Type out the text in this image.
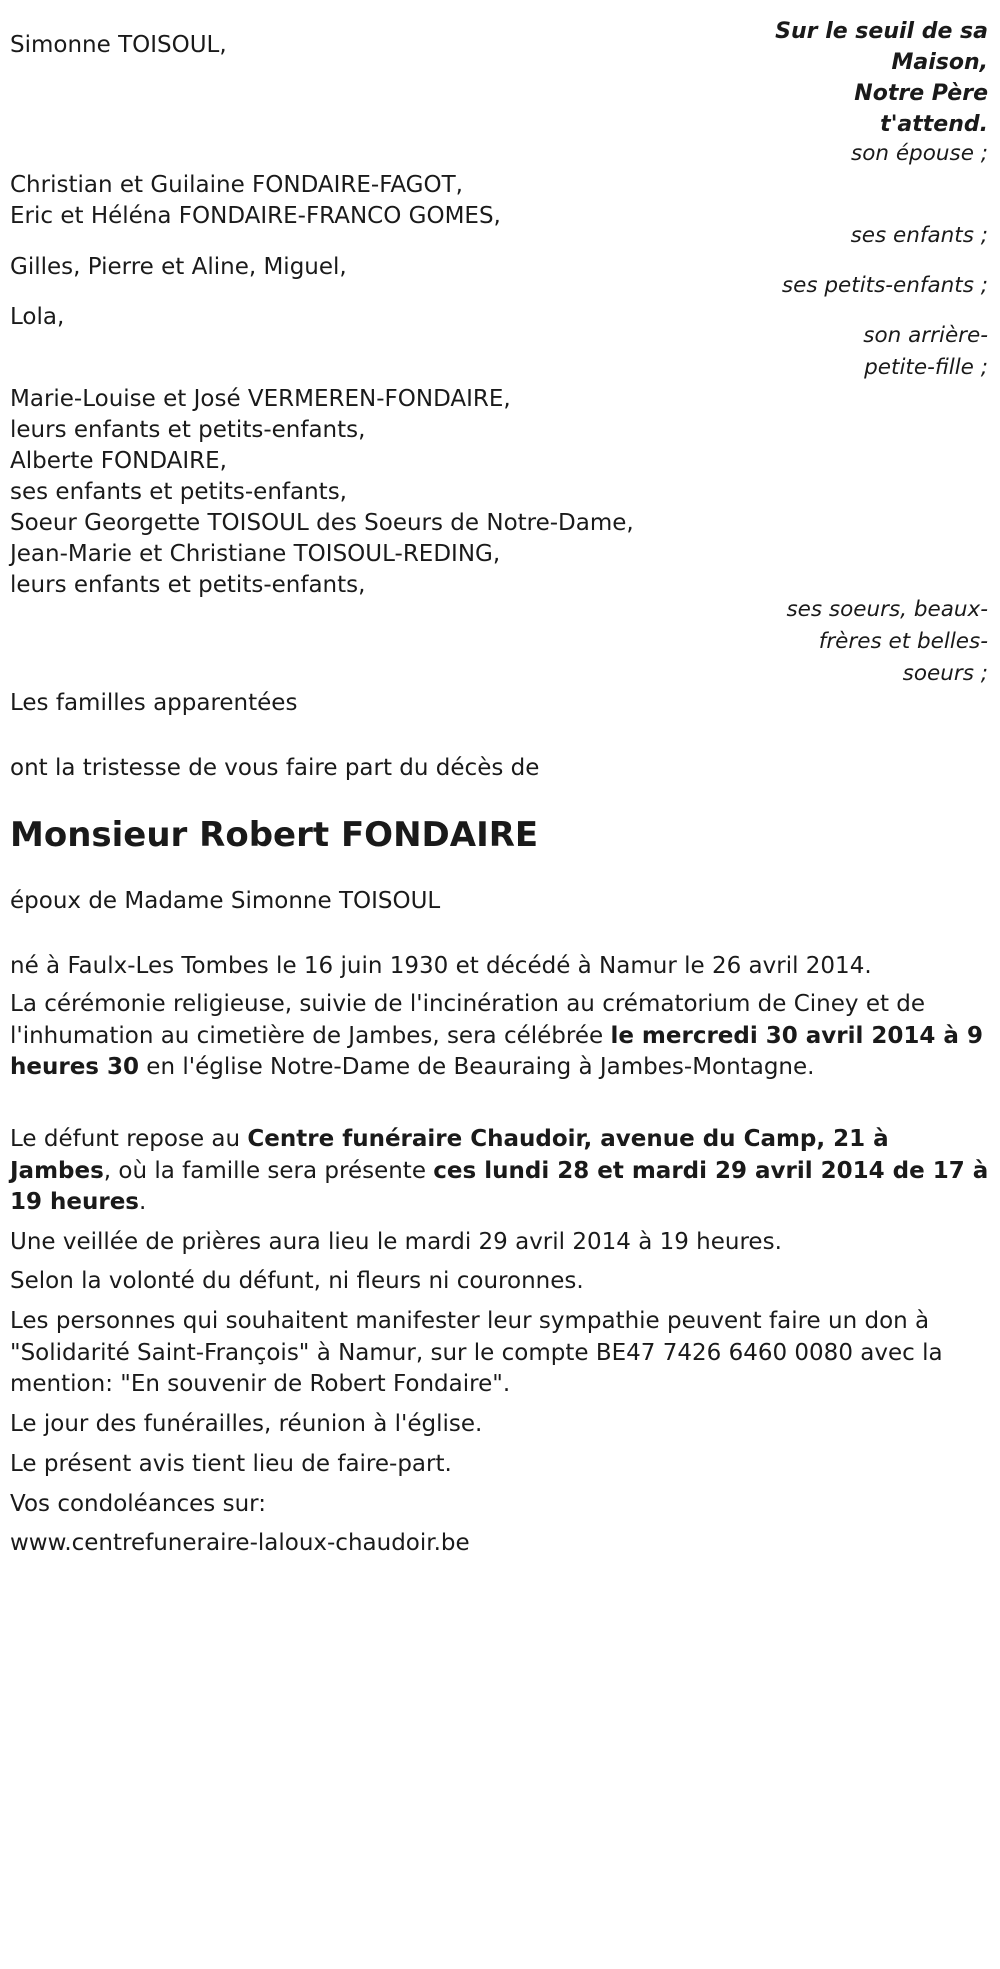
Sur le seuil de sa
Maison,
Notre Père
t'attend.
Simonne TOISOUL,
son épouse ;
Christian et Guilaine FONDAIRE-FAGOT,
Eric et Héléna FONDAIRE-FRANCO GOMES,
ses enfants ;
Gilles, Pierre et Aline, Miguel,
ses petits-enfants ;
Lola,
son arrière-
petite-fille ;
Marie-Louise et José VERMEREN-FONDAIRE,
leurs enfants et petits-enfants,
Alberte FONDAIRE,
ses enfants et petits-enfants,
Soeur Georgette TOISOUL des Soeurs de Notre-Dame,
Jean-Marie et Christiane TOISOUL-REDING,
leurs enfants et petits-enfants,
ses soeurs, beaux-
frères et belles-
soeurs ;
Les familles apparentées
ont la tristesse de vous faire part du décès de
Monsieur Robert FONDAIRE
époux de Madame Simonne TOISOUL
né à Faulx-Les Tombes le 16 juin 1930 et décédé à Namur le 26 avril 2014.
La cérémonie religieuse, suivie de l'incinération au crématorium de Ciney et de l'inhumation au cimetière de Jambes, sera célébrée le mercredi 30 avril 2014 à 9 heures 30 en l'église Notre-Dame de Beauraing à Jambes-Montagne.
Le défunt repose au Centre funéraire Chaudoir, avenue du Camp, 21 à Jambes, où la famille sera présente ces lundi 28 et mardi 29 avril 2014 de 17 à 19 heures.
Une veillée de prières aura lieu le mardi 29 avril 2014 à 19 heures.
Selon la volonté du défunt, ni fleurs ni couronnes.
Les personnes qui souhaitent manifester leur sympathie peuvent faire un don à "Solidarité Saint-François" à Namur, sur le compte BE47 7426 6460 0080 avec la mention: "En souvenir de Robert Fondaire".
Le jour des funérailles, réunion à l'église.
Le présent avis tient lieu de faire-part.
Vos condoléances sur:
www.centrefuneraire-laloux-chaudoir.be
